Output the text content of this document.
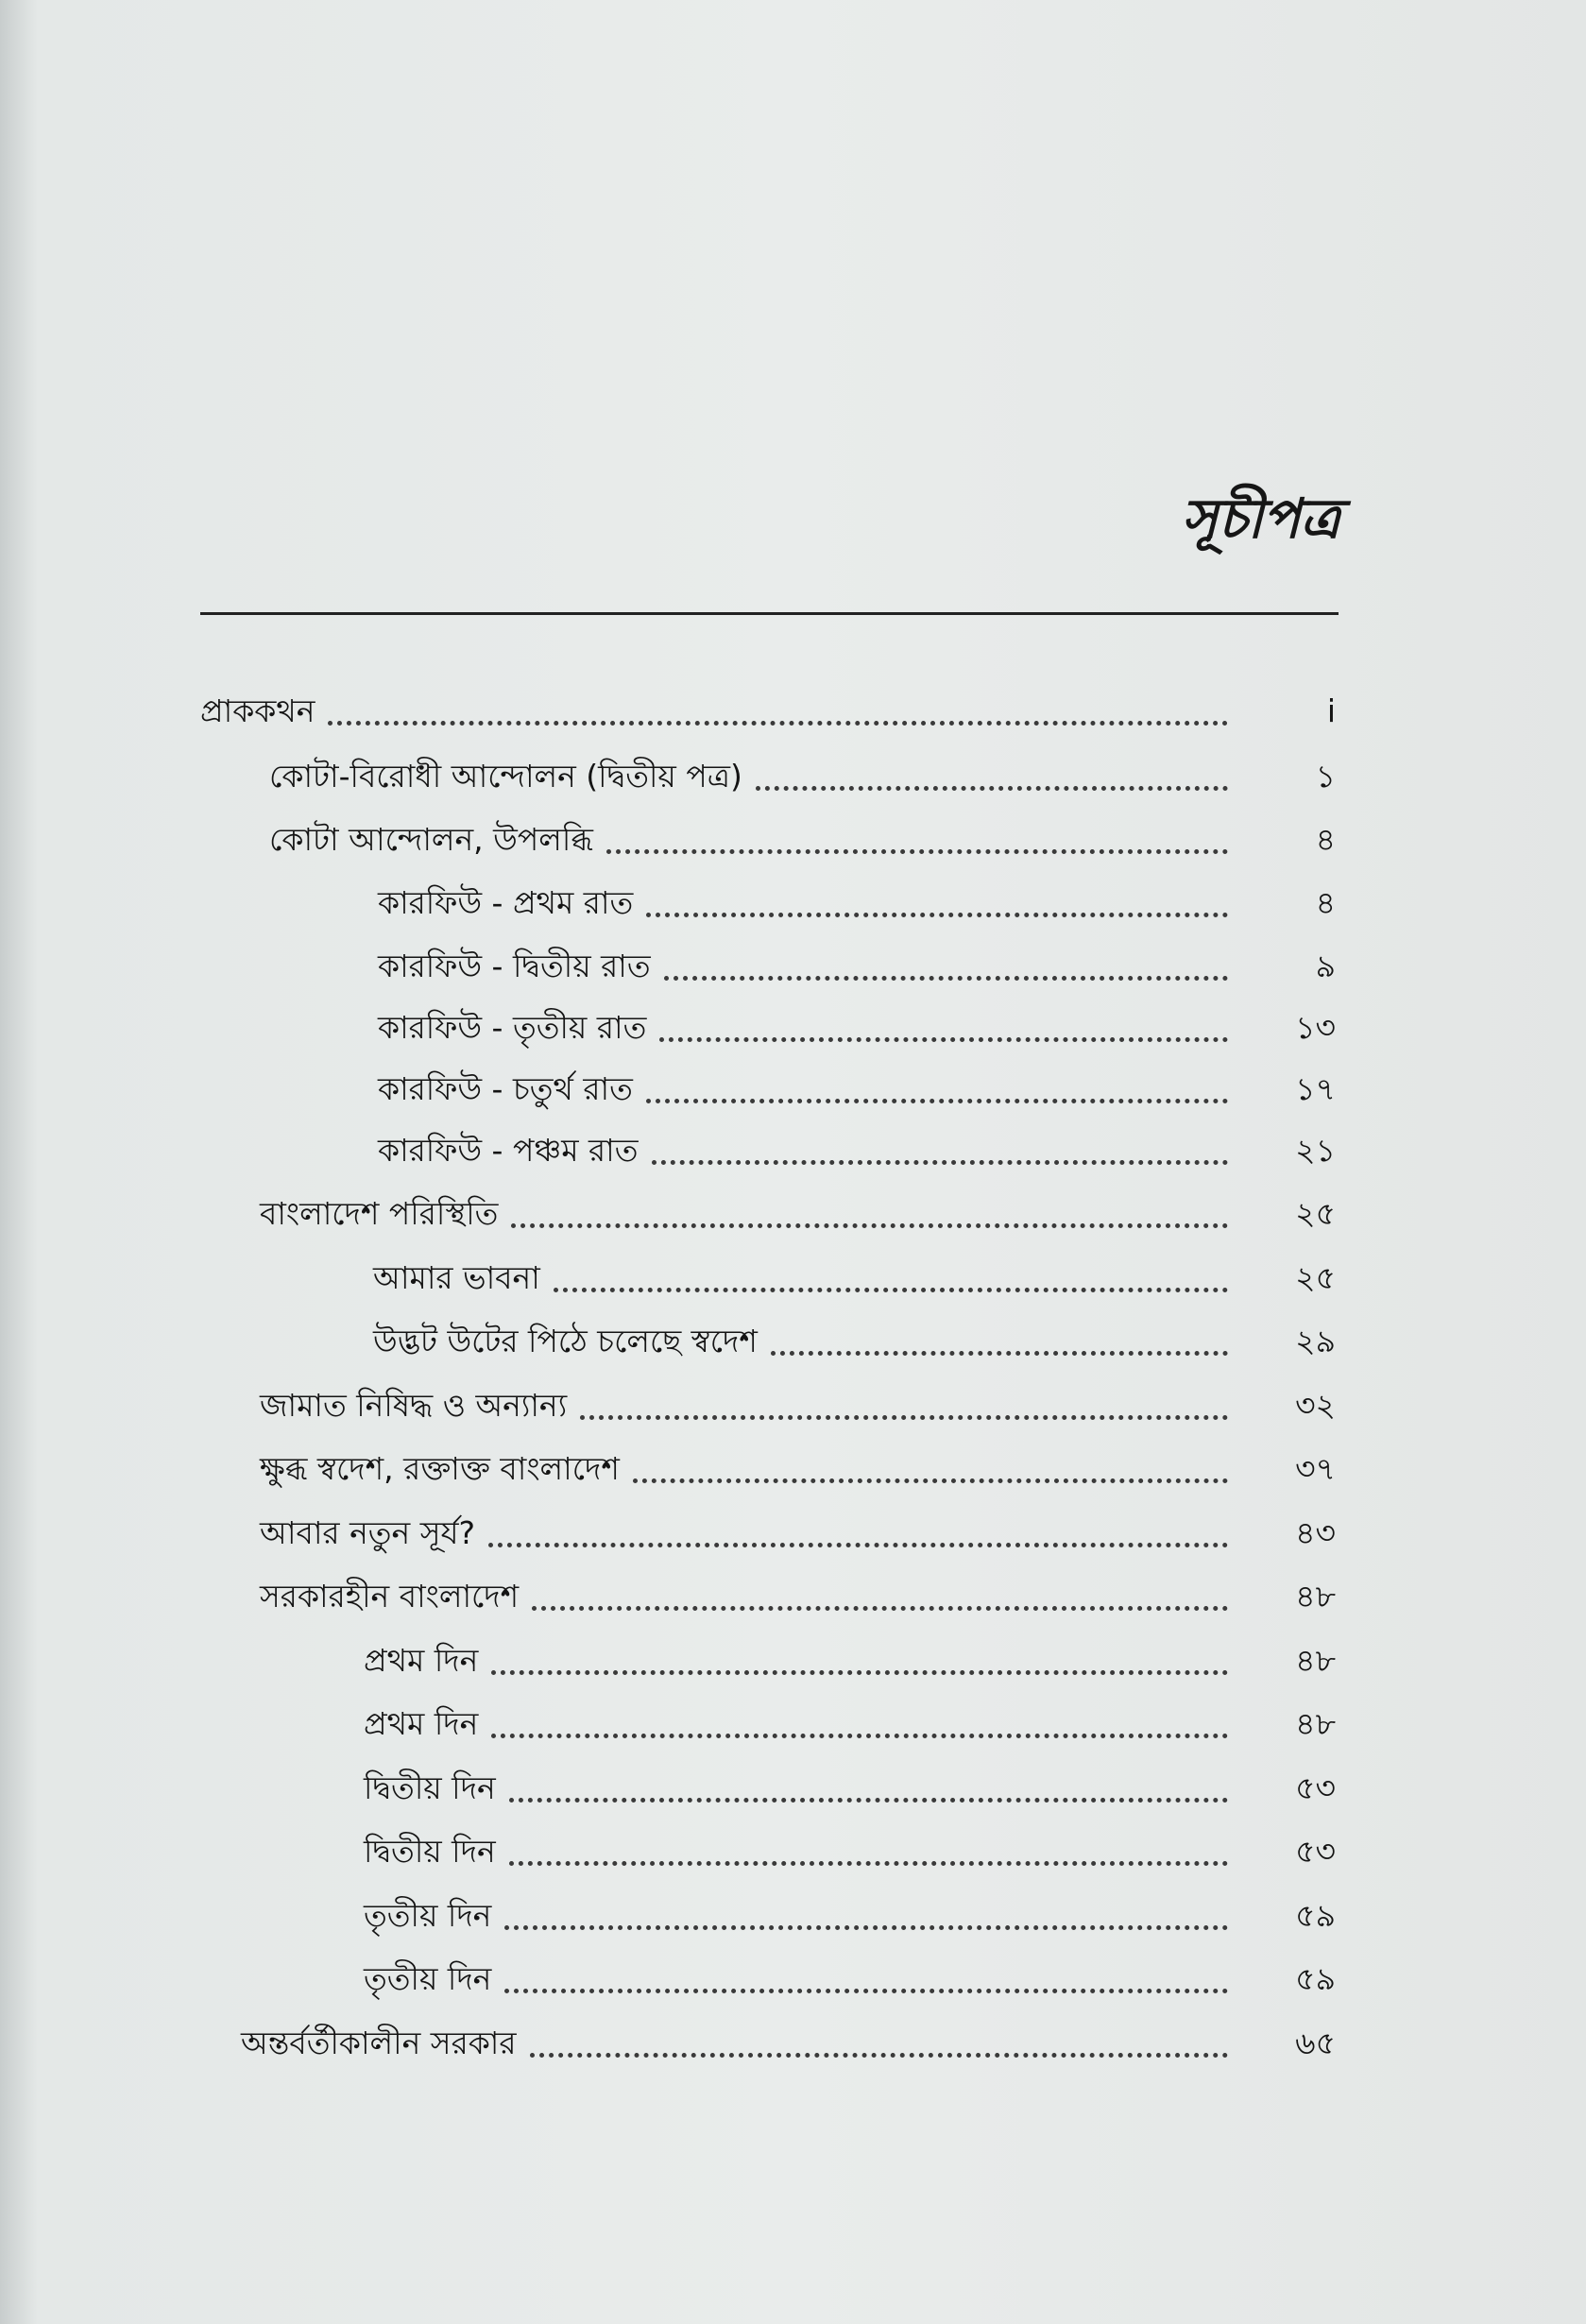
সূচীপত্র
প্রাককথন	i
কোটা-বিরোধী আন্দোলন (দ্বিতীয় পত্র)	১
কোটা আন্দোলন, উপলব্ধি	৪
কারফিউ - প্রথম রাত	৪
কারফিউ - দ্বিতীয় রাত	৯
কারফিউ - তৃতীয় রাত	১৩
কারফিউ - চতুর্থ রাত	১৭
কারফিউ - পঞ্চম রাত	২১
বাংলাদেশ পরিস্থিতি	২৫
আমার ভাবনা	২৫
উদ্ভট উটের পিঠে চলেছে স্বদেশ	২৯
জামাত নিষিদ্ধ ও অন্যান্য	৩২
ক্ষুব্ধ স্বদেশ, রক্তাক্ত বাংলাদেশ	৩৭
আবার নতুন সূর্য?	৪৩
সরকারহীন বাংলাদেশ	৪৮
প্রথম দিন	৪৮
প্রথম দিন	৪৮
দ্বিতীয় দিন	৫৩
দ্বিতীয় দিন	৫৩
তৃতীয় দিন	৫৯
তৃতীয় দিন	৫৯
অন্তর্বর্তীকালীন সরকার	৬৫
